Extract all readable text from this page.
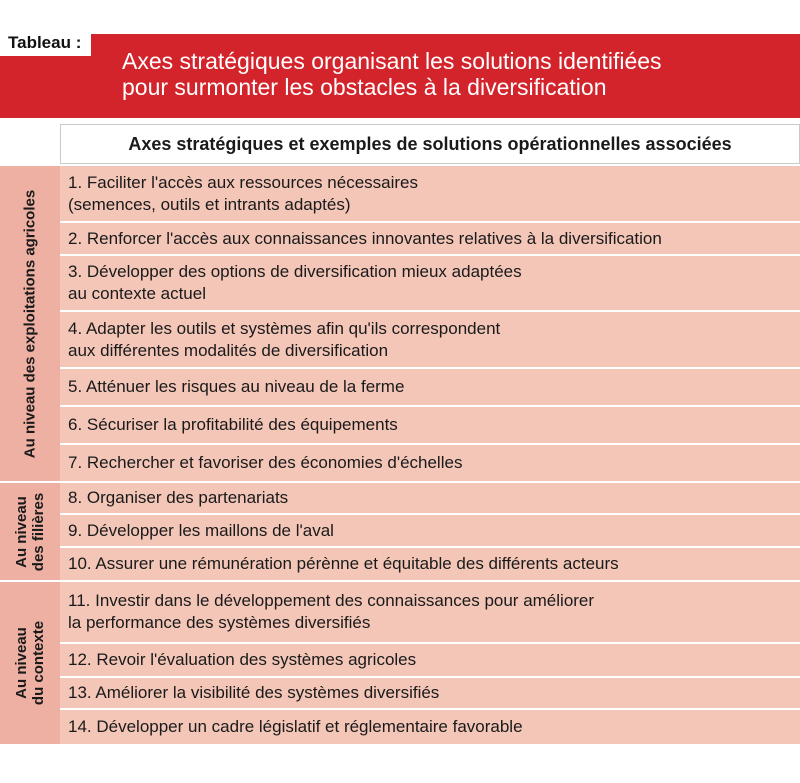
Tableau :
Axes stratégiques organisant les solutions identifiées
pour surmonter les obstacles à la diversification
Axes stratégiques et exemples de solutions opérationnelles associées
Au niveau des exploitations agricoles
Au niveau des filières
Au niveau du contexte
1. Faciliter l'accès aux ressources nécessaires
(semences, outils et intrants adaptés)
2. Renforcer l'accès aux connaissances innovantes relatives à la diversification
3. Développer des options de diversification mieux adaptées
au contexte actuel
4. Adapter les outils et systèmes afin qu'ils correspondent
aux différentes modalités de diversification
5. Atténuer les risques au niveau de la ferme
6. Sécuriser la profitabilité des équipements
7. Rechercher et favoriser des économies d'échelles
8. Organiser des partenariats
9. Développer les maillons de l'aval
10. Assurer une rémunération pérènne et équitable des différents acteurs
11. Investir dans le développement des connaissances pour améliorer
la performance des systèmes diversifiés
12. Revoir l'évaluation des systèmes agricoles
13. Améliorer la visibilité des systèmes diversifiés
14. Développer un cadre législatif et réglementaire favorable
